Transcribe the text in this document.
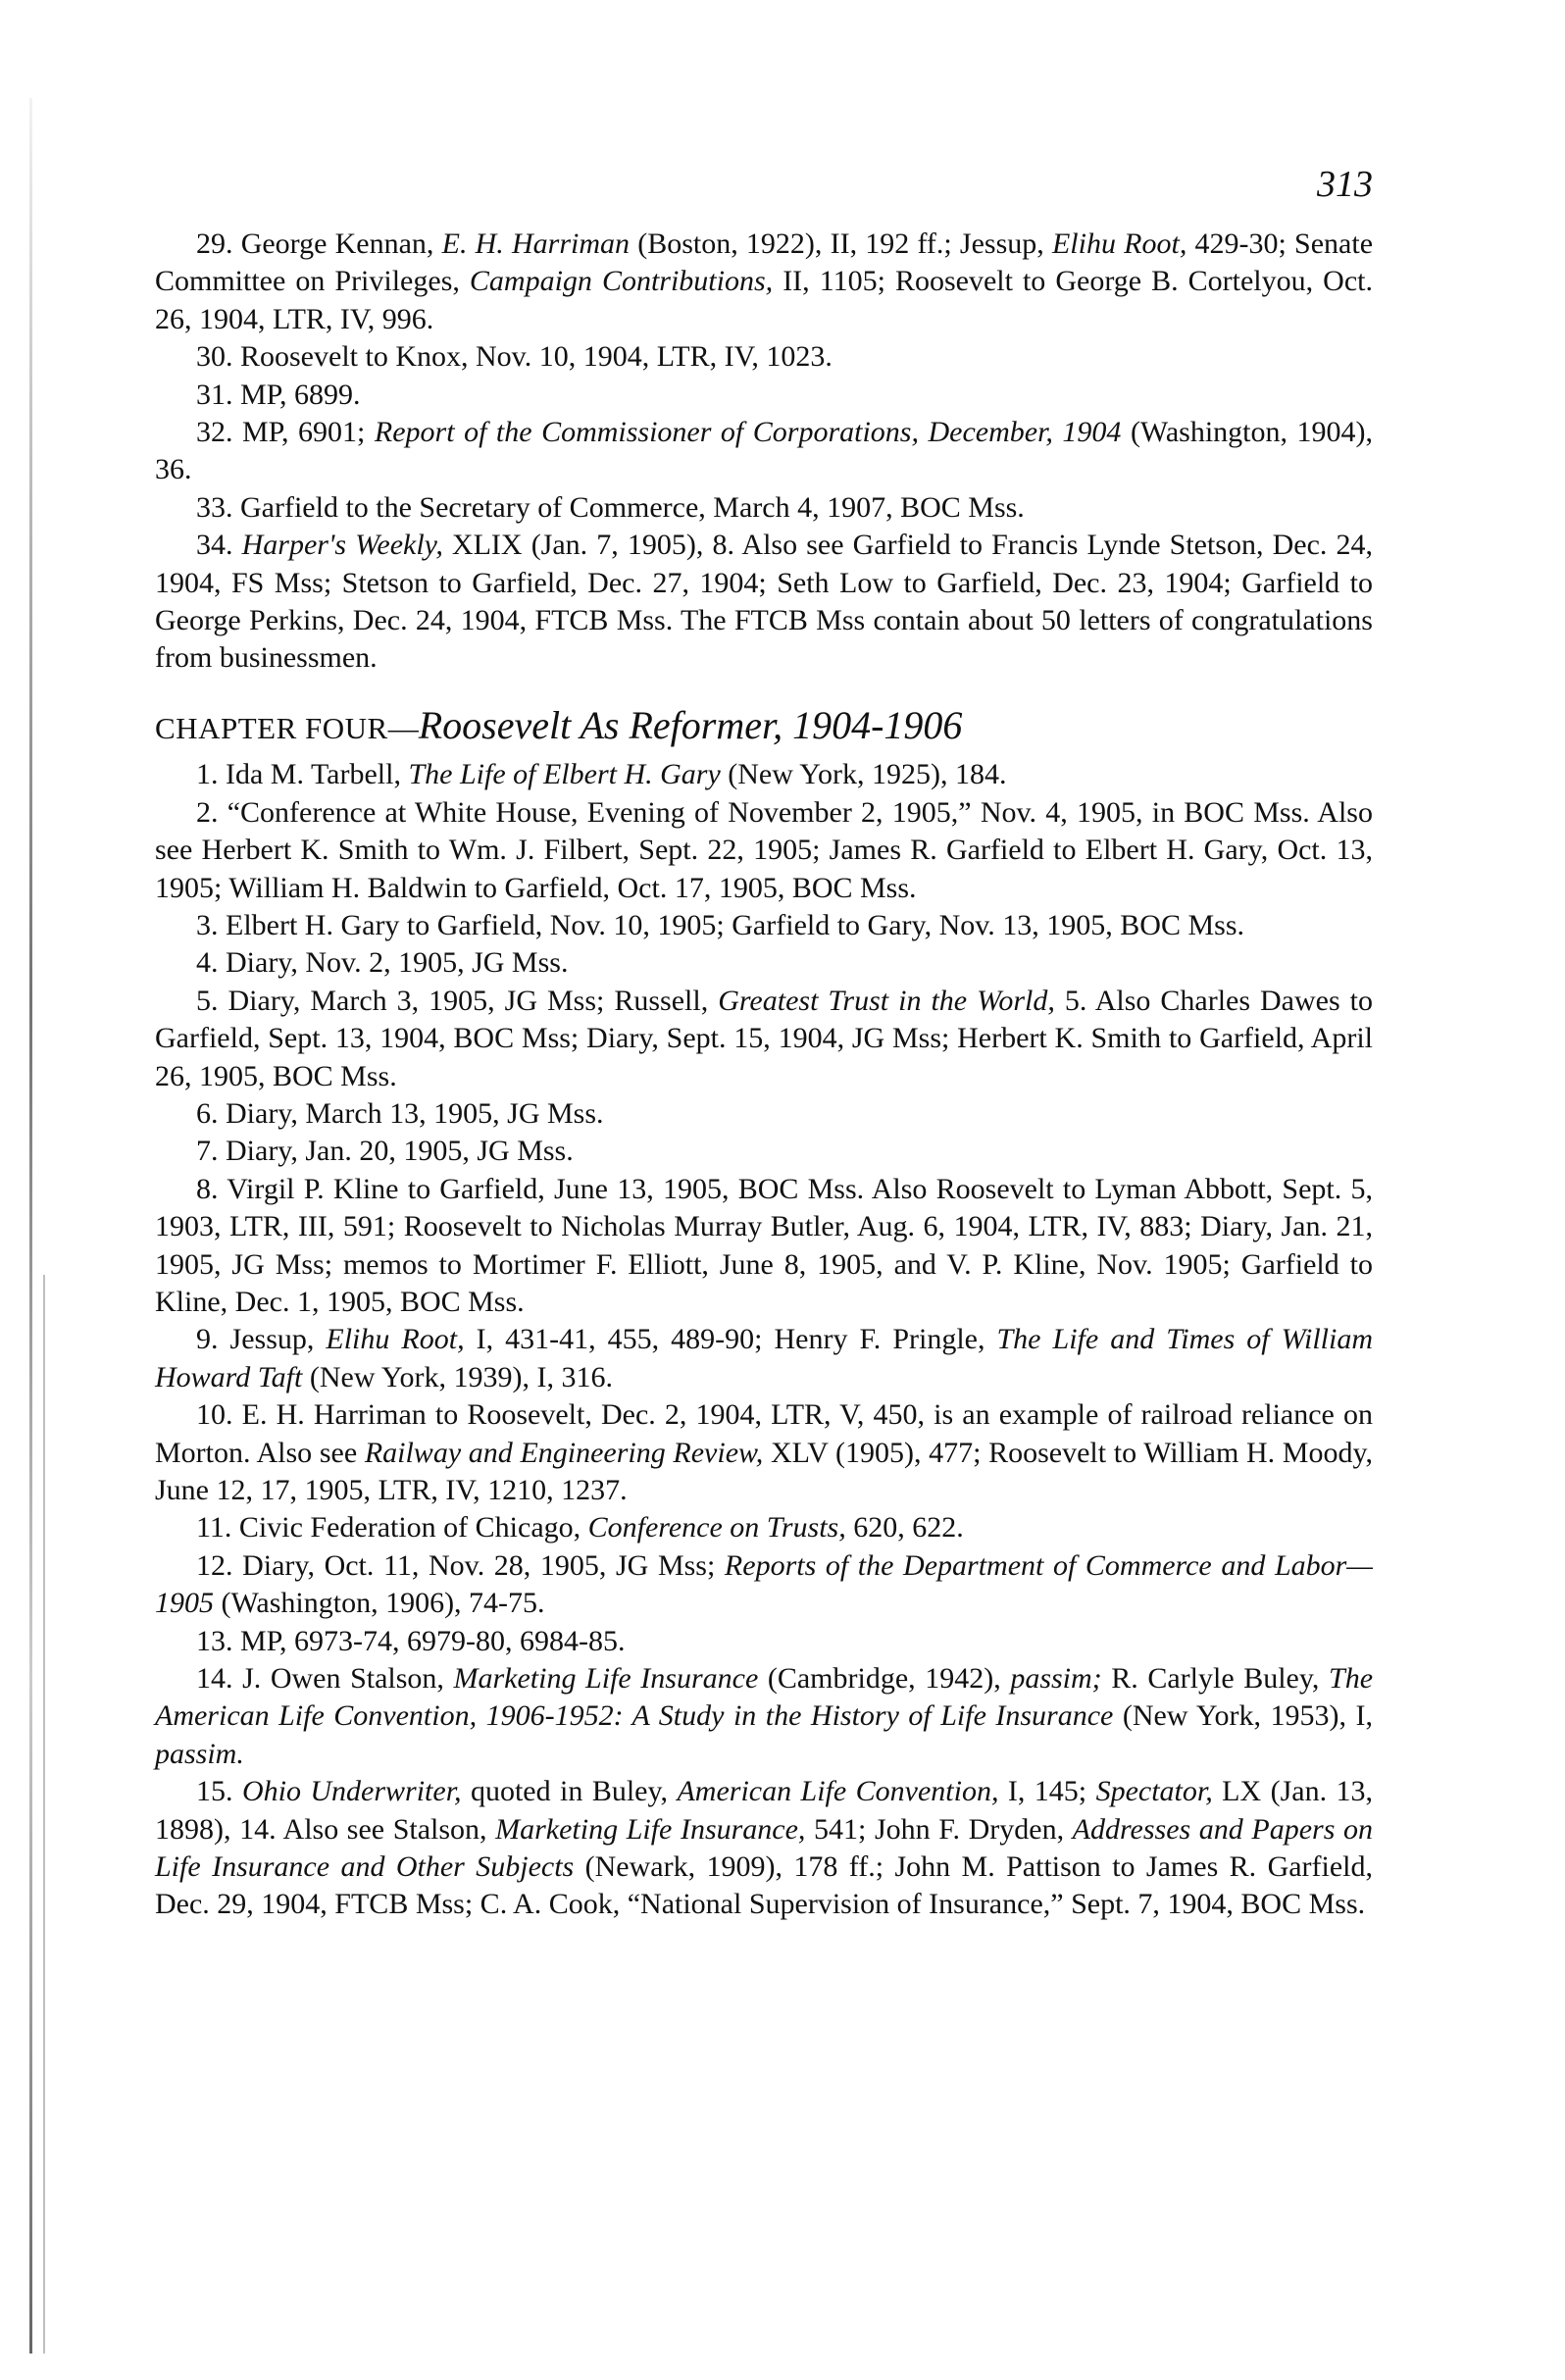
313

29. George Kennan, E. H. Harriman (Boston, 1922), II, 192 ff.; Jessup, Elihu Root, 429-30; Senate Committee on Privileges, Campaign Contributions, II, 1105; Roosevelt to George B. Cortelyou, Oct. 26, 1904, LTR, IV, 996.

30. Roosevelt to Knox, Nov. 10, 1904, LTR, IV, 1023.

31. MP, 6899.

32. MP, 6901; Report of the Commissioner of Corporations, December, 1904 (Washington, 1904), 36.

33. Garfield to the Secretary of Commerce, March 4, 1907, BOC Mss.

34. Harper's Weekly, XLIX (Jan. 7, 1905), 8. Also see Garfield to Francis Lynde Stetson, Dec. 24, 1904, FS Mss; Stetson to Garfield, Dec. 27, 1904; Seth Low to Garfield, Dec. 23, 1904; Garfield to George Perkins, Dec. 24, 1904, FTCB Mss. The FTCB Mss contain about 50 letters of congratulations from businessmen.

CHAPTER FOUR—Roosevelt As Reformer, 1904-1906

1. Ida M. Tarbell, The Life of Elbert H. Gary (New York, 1925), 184.

2. “Conference at White House, Evening of November 2, 1905,” Nov. 4, 1905, in BOC Mss. Also see Herbert K. Smith to Wm. J. Filbert, Sept. 22, 1905; James R. Garfield to Elbert H. Gary, Oct. 13, 1905; William H. Baldwin to Garfield, Oct. 17, 1905, BOC Mss.

3. Elbert H. Gary to Garfield, Nov. 10, 1905; Garfield to Gary, Nov. 13, 1905, BOC Mss.

4. Diary, Nov. 2, 1905, JG Mss.

5. Diary, March 3, 1905, JG Mss; Russell, Greatest Trust in the World, 5. Also Charles Dawes to Garfield, Sept. 13, 1904, BOC Mss; Diary, Sept. 15, 1904, JG Mss; Herbert K. Smith to Garfield, April 26, 1905, BOC Mss.

6. Diary, March 13, 1905, JG Mss.

7. Diary, Jan. 20, 1905, JG Mss.

8. Virgil P. Kline to Garfield, June 13, 1905, BOC Mss. Also Roosevelt to Lyman Abbott, Sept. 5, 1903, LTR, III, 591; Roosevelt to Nicholas Murray Butler, Aug. 6, 1904, LTR, IV, 883; Diary, Jan. 21, 1905, JG Mss; memos to Mortimer F. Elliott, June 8, 1905, and V. P. Kline, Nov. 1905; Garfield to Kline, Dec. 1, 1905, BOC Mss.

9. Jessup, Elihu Root, I, 431-41, 455, 489-90; Henry F. Pringle, The Life and Times of William Howard Taft (New York, 1939), I, 316.

10. E. H. Harriman to Roosevelt, Dec. 2, 1904, LTR, V, 450, is an example of railroad reliance on Morton. Also see Railway and Engineering Review, XLV (1905), 477; Roosevelt to William H. Moody, June 12, 17, 1905, LTR, IV, 1210, 1237.

11. Civic Federation of Chicago, Conference on Trusts, 620, 622.

12. Diary, Oct. 11, Nov. 28, 1905, JG Mss; Reports of the Department of Commerce and Labor—1905 (Washington, 1906), 74-75.

13. MP, 6973-74, 6979-80, 6984-85.

14. J. Owen Stalson, Marketing Life Insurance (Cambridge, 1942), passim; R. Carlyle Buley, The American Life Convention, 1906-1952: A Study in the History of Life Insurance (New York, 1953), I, passim.

15. Ohio Underwriter, quoted in Buley, American Life Convention, I, 145; Spectator, LX (Jan. 13, 1898), 14. Also see Stalson, Marketing Life Insurance, 541; John F. Dryden, Addresses and Papers on Life Insurance and Other Subjects (Newark, 1909), 178 ff.; John M. Pattison to James R. Garfield, Dec. 29, 1904, FTCB Mss; C. A. Cook, “National Supervision of Insurance,” Sept. 7, 1904, BOC Mss.
